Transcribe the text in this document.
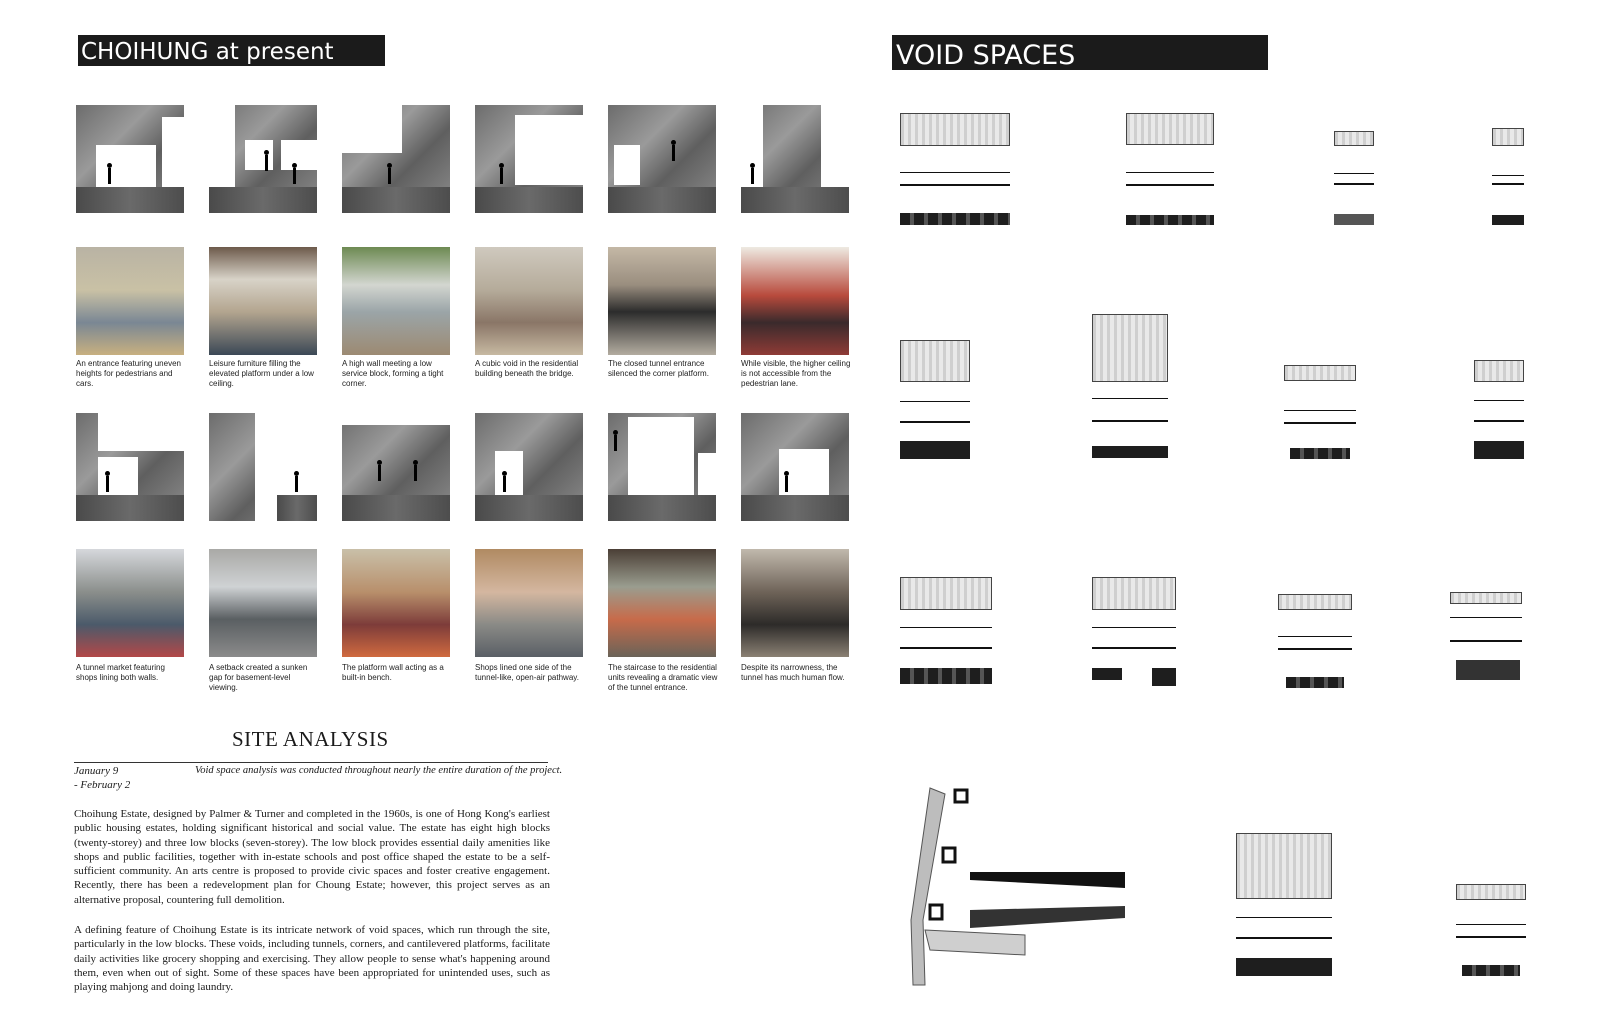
CHOIHUNG at present	VOID SPACES
An entrance featuring uneven heights for pedestrians and cars.
Leisure furniture filling the elevated platform under a low ceiling.
A high wall meeting a low service block, forming a tight corner.
A cubic void in the residential building beneath the bridge.
The closed tunnel entrance silenced the corner platform.
While visible, the higher ceiling is not accessible from the pedestrian lane.
A tunnel market featuring shops lining both walls.
A setback created a sunken gap for basement-level viewing.
The platform wall acting as a built-in bench.
Shops lined one side of the tunnel-like, open-air pathway.
The staircase to the residential units revealing a dramatic view of the tunnel entrance.
Despite its narrowness, the tunnel has much human flow.
SITE ANALYSIS
January 9
- February 2
Void space analysis was conducted throughout nearly the entire duration of the project.
Choihung Estate, designed by Palmer & Turner and completed in the 1960s, is one of Hong Kong's earliest public housing estates, holding significant historical and social value. The estate has eight high blocks (twenty-storey) and three low blocks (seven-storey). The low block provides essential daily amenities like shops and public facilities, together with in-estate schools and post office shaped the estate to be a self-sufficient community. An arts centre is proposed to provide civic spaces and foster creative engagement. Recently, there has been a redevelopment plan for Choung Estate; however, this project serves as an alternative proposal, countering full demolition.
A defining feature of Choihung Estate is its intricate network of void spaces, which run through the site, particularly in the low blocks. These voids, including tunnels, corners, and cantilevered platforms, facilitate daily activities like grocery shopping and exercising. They allow people to sense what's happening around them, even when out of sight. Some of these spaces have been appropriated for unintended uses, such as playing mahjong and doing laundry.
